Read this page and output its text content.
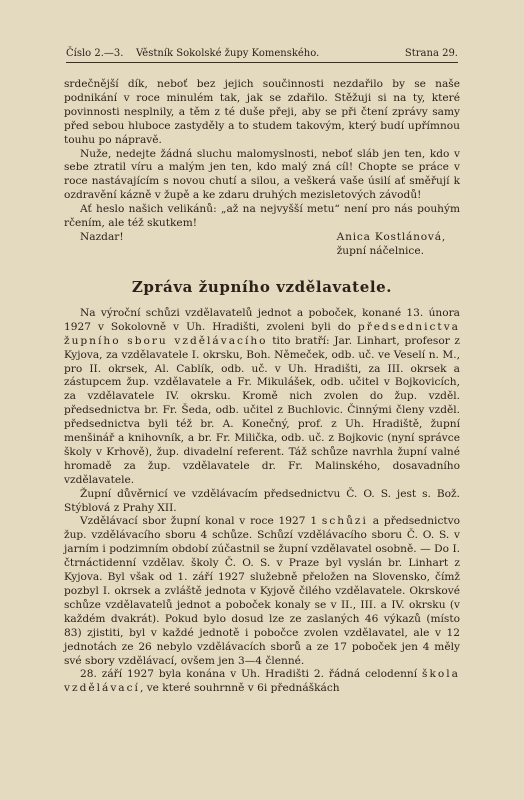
Číslo 2.—3. Věstník Sokolské župy Komenského.	Strana 29.

srdečnější dík, neboť bez jejich součinnosti nezdařilo by se naše podnikání v roce minulém tak, jak se zdařilo. Stěžuji si na ty, které povinnosti nesplnily, a těm z té duše přeji, aby se při čtení zprávy samy před sebou hluboce zastyděly a to studem takovým, který budí upřímnou touhu po nápravě.

Nuže, nedejte žádná sluchu malomyslnosti, neboť sláb jen ten, kdo v sebe ztratil víru a malým jen ten, kdo malý zná cíl! Chopte se práce v roce nastávajícím s novou chutí a silou, a veškerá vaše úsilí ať směřují k ozdravění kázně v župě a ke zdaru druhých mezisletových závodů!

Ať heslo našich velikánů: „až na nejvyšší metu“ není pro nás pouhým rčením, ale též skutkem!

Nazdar!	Anica Kostlánová,
župní náčelnice.
Zpráva župního vzdělavatele.

Na výroční schůzi vzdělavatelů jednot a poboček, konané 13. února 1927 v Sokolovně v Uh. Hradišti, zvoleni byli do předsednictva župního sboru vzdělávacího tito bratří: Jar. Linhart, profesor z Kyjova, za vzdělavatele I. okrsku, Boh. Němeček, odb. uč. ve Veselí n. M., pro II. okrsek, Al. Cablík, odb. uč. v Uh. Hradišti, za III. okrsek a zástupcem žup. vzdělavatele a Fr. Mikulášek, odb. učitel v Bojkovicích, za vzdělavatele IV. okrsku. Kromě nich zvolen do žup. vzděl. předsednictva br. Fr. Šeda, odb. učitel z Buchlovic. Činnými členy vzděl. předsednictva byli též br. A. Konečný, prof. z Uh. Hradiště, župní menšinář a knihovník, a br. Fr. Milička, odb. uč. z Bojkovic (nyní správce školy v Krhově), žup. divadelní referent. Táž schůze navrhla župní valné hromadě za žup. vzdělavatele dr. Fr. Malinského, dosavadního vzdělavatele.

Župní důvěrnicí ve vzdělávacím předsednictvu Č. O. S. jest s. Bož. Stýblová z Prahy XII.

Vzdělávací sbor župní konal v roce 1927 1 schůzi a předsednictvo žup. vzdělávacího sboru 4 schůze. Schůzí vzdělávacího sboru Č. O. S. v jarním i podzimním období zúčastnil se župní vzdělavatel osobně. — Do I. čtrnáctidenní vzdělav. školy Č. O. S. v Praze byl vyslán br. Linhart z Kyjova. Byl však od 1. září 1927 služebně přeložen na Slovensko, čímž pozbyl I. okrsek a zvláště jednota v Kyjově čilého vzdělavatele. Okrskové schůze vzdělavatelů jednot a poboček konaly se v II., III. a IV. okrsku (v každém dvakrát). Pokud bylo dosud lze ze zaslaných 46 výkazů (místo 83) zjistiti, byl v každé jednotě i pobočce zvolen vzdělavatel, ale v 12 jednotách ze 26 nebylo vzdělávacích sborů a ze 17 poboček jen 4 měly své sbory vzdělávací, ovšem jen 3—4 členné.

28. září 1927 byla konána v Uh. Hradišti 2. řádná celodenní škola vzdělávací, ve které souhrnně v 6i přednáškách
